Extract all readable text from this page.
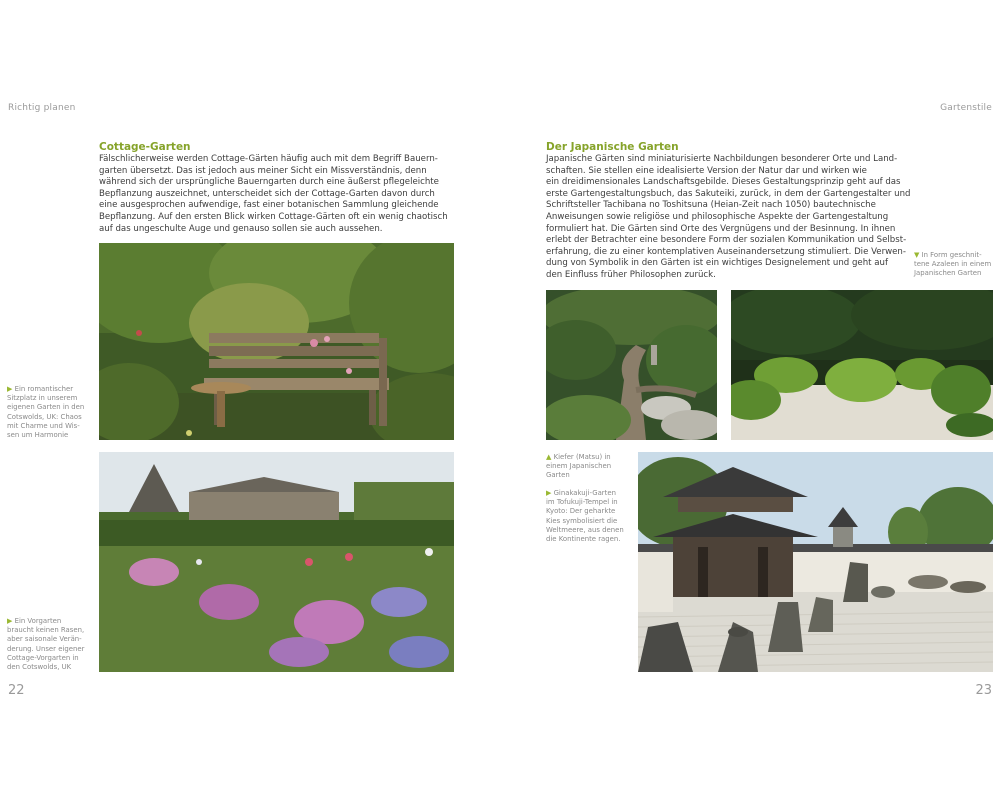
Richtig planen
Cottage-Garten
Fälschlicherweise werden Cottage-Gärten häufig auch mit dem Begriff Bauern-
garten übersetzt. Das ist jedoch aus meiner Sicht ein Missverständnis, denn
während sich der ursprüngliche Bauerngarten durch eine äußerst pflegeleichte
Bepflanzung auszeichnet, unterscheidet sich der Cottage-Garten davon durch
eine ausgesprochen aufwendige, fast einer botanischen Sammlung gleichende
Bepflanzung. Auf den ersten Blick wirken Cottage-Gärten oft ein wenig chaotisch
auf das ungeschulte Auge und genauso sollen sie auch aussehen.
▶ Ein romantischer
Sitzplatz in unserem
eigenen Garten in den
Cotswolds, UK: Chaos
mit Charme und Wis-
sen um Harmonie
▶ Ein Vorgarten
braucht keinen Rasen,
aber saisonale Verän-
derung. Unser eigener
Cottage-Vorgarten in
den Cotswolds, UK
22
Gartenstile
Der Japanische Garten
Japanische Gärten sind miniaturisierte Nachbildungen besonderer Orte und Land-
schaften. Sie stellen eine idealisierte Version der Natur dar und wirken wie
ein dreidimensionales Landschaftsgebilde. Dieses Gestaltungsprinzip geht auf das
erste Gartengestaltungsbuch, das Sakuteiki, zurück, in dem der Gartengestalter und
Schriftsteller Tachibana no Toshitsuna (Heian-Zeit nach 1050) bautechnische
Anweisungen sowie religiöse und philosophische Aspekte der Gartengestaltung
formuliert hat. Die Gärten sind Orte des Vergnügens und der Besinnung. In ihnen
erlebt der Betrachter eine besondere Form der sozialen Kommunikation und Selbst-
erfahrung, die zu einer kontemplativen Auseinandersetzung stimuliert. Die Verwen-
dung von Symbolik in den Gärten ist ein wichtiges Designelement und geht auf
den Einfluss früher Philosophen zurück.
▼ In Form geschnit-
tene Azaleen in einem
Japanischen Garten
▲ Kiefer (Matsu) in
einem Japanischen
Garten
▶ Ginakakuji-Garten
im Tofukuji-Tempel in
Kyoto: Der geharkte
Kies symbolisiert die
Weltmeere, aus denen
die Kontinente ragen.
23
